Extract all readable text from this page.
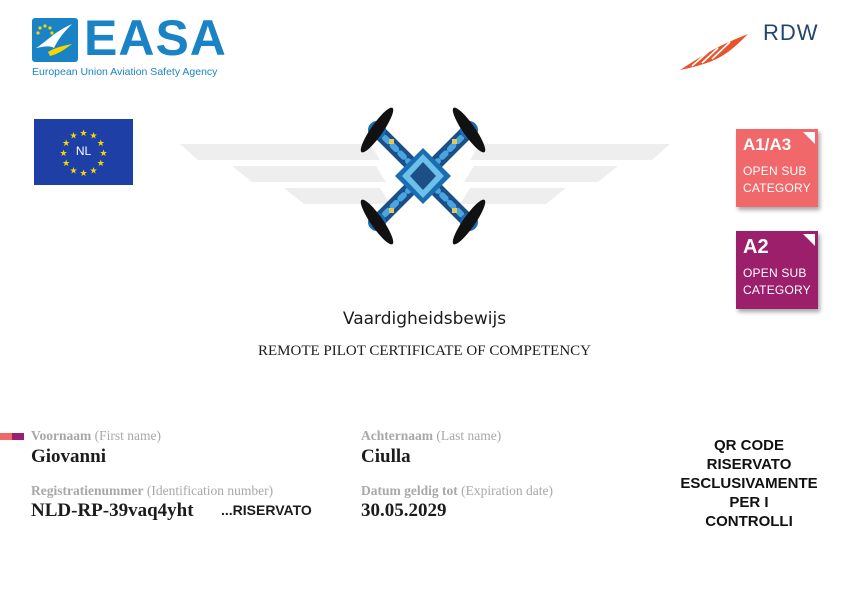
EASA
European Union Aviation Safety Agency
RDW
★ ★
★
★
★
★
★
★
★
★
★
★
NL	A1/A3
OPEN SUB
CATEGORY
A2
OPEN SUB
CATEGORY
Vaardigheidsbewijs
REMOTE PILOT CERTIFICATE OF COMPETENCY
Voornaam (First name)
Giovanni
Achternaam (Last name)
Ciulla
Registratienummer (Identification number)
NLD-RP-39vaq4yht ...RISERVATO
Datum geldig tot (Expiration date)
30.05.2029
QR CODE
RISERVATO
ESCLUSIVAMENTE
PER I
CONTROLLI
